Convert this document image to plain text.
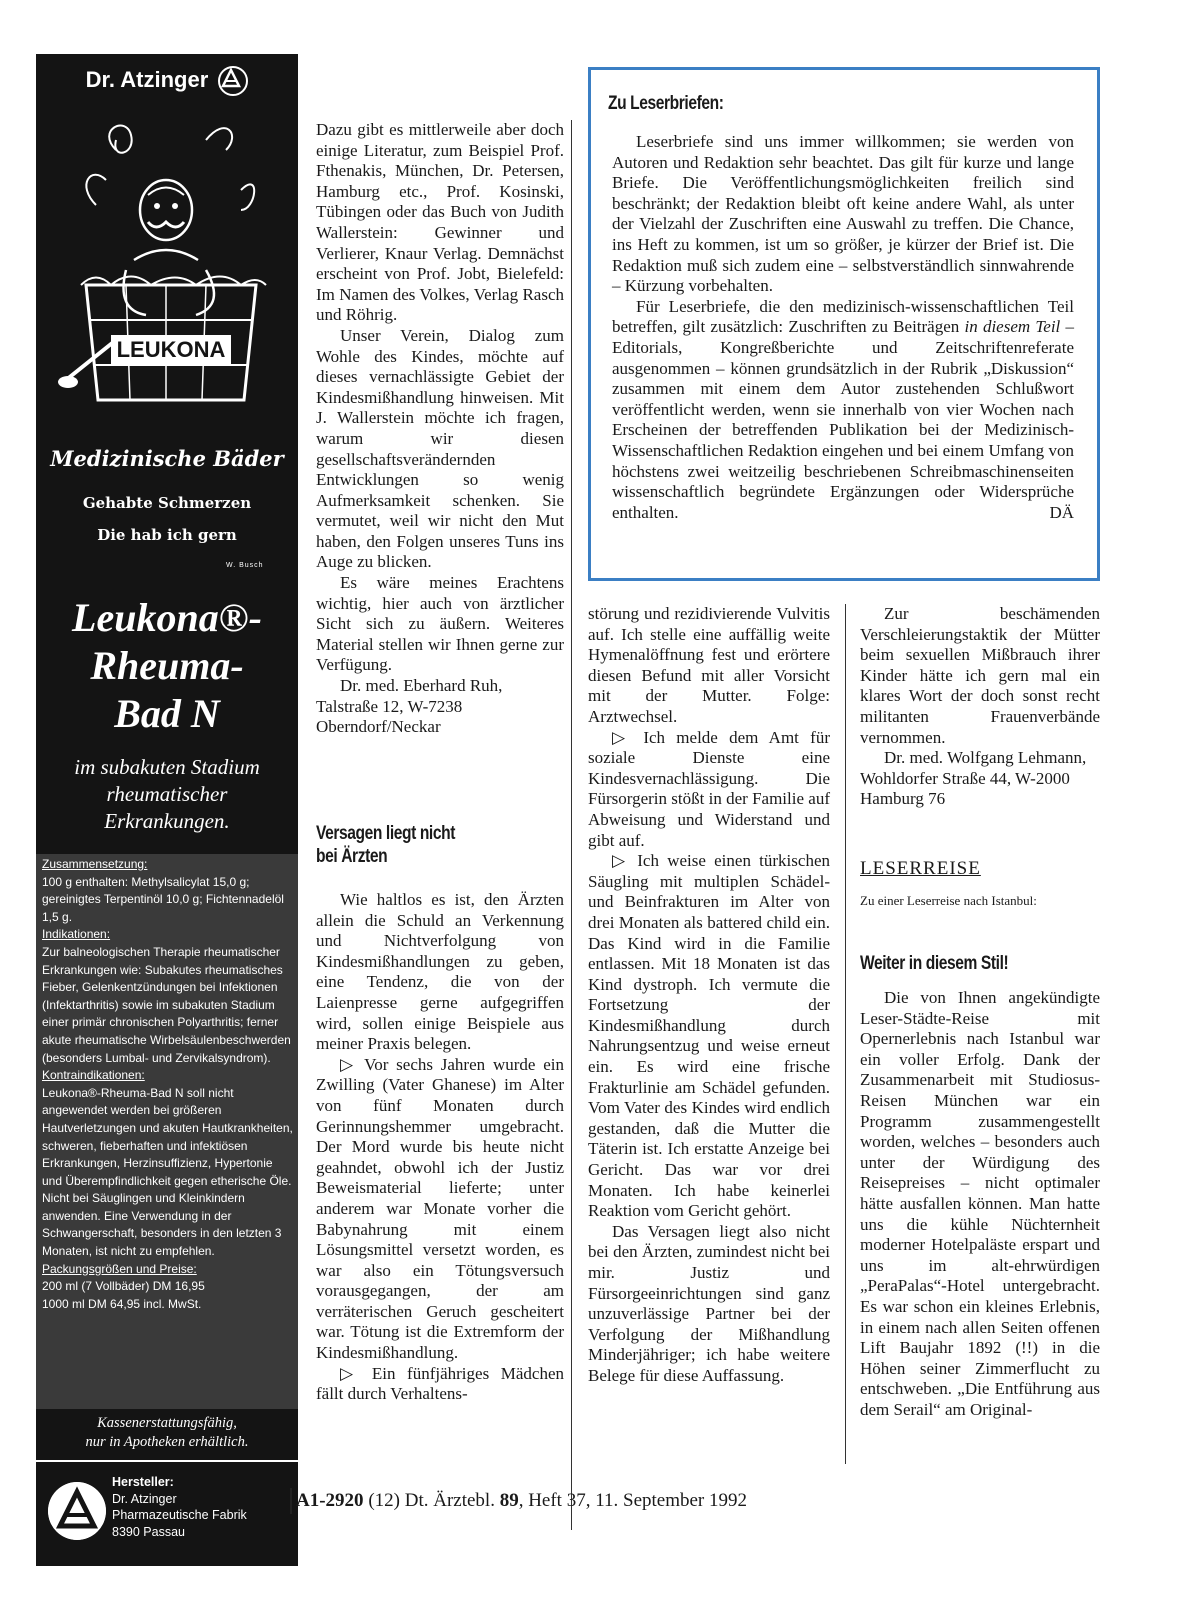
Dr. Atzinger
LEUKONA
Medizinische Bäder
Gehabte Schmerzen
Die hab ich gern
W. Busch
Leukona®-
Rheuma-
Bad N
im subakuten Stadium
rheumatischer
Erkrankungen.
Zusammensetzung:
100 g enthalten: Methylsalicylat 15,0 g; gereinigtes Terpentinöl 10,0 g; Fichtennadelöl 1,5 g.
Indikationen:
Zur balneologischen Therapie rheumatischer Erkrankungen wie: Subakutes rheumatisches Fieber, Gelenkentzündungen bei Infektionen (Infektarthritis) sowie im subakuten Stadium einer primär chronischen Polyarthritis; ferner akute rheumatische Wirbelsäulenbeschwerden (besonders Lumbal- und Zervikalsyndrom).
Kontraindikationen:
Leukona®-Rheuma-Bad N soll nicht angewendet werden bei größeren Hautverletzungen und akuten Hautkrankheiten, schweren, fieberhaften und infektiösen Erkrankungen, Herzinsuffizienz, Hypertonie und Überempfindlichkeit gegen etherische Öle. Nicht bei Säuglingen und Kleinkindern anwenden. Eine Verwendung in der Schwangerschaft, besonders in den letzten 3 Monaten, ist nicht zu empfehlen.
Packungsgrößen und Preise:
200 ml (7 Vollbäder) DM 16,95
1000 ml DM 64,95 incl. MwSt.
Kassenerstattungsfähig,
nur in Apotheken erhältlich.
Hersteller:
Dr. Atzinger
Pharmazeutische Fabrik
8390 Passau

Dazu gibt es mittlerweile aber doch einige Literatur, zum Beispiel Prof. Fthenakis, München, Dr. Petersen, Hamburg etc., Prof. Kosinski, Tübingen oder das Buch von Judith Wallerstein: Gewinner und Verlierer, Knaur Verlag. Demnächst erscheint von Prof. Jobt, Bielefeld: Im Namen des Volkes, Verlag Rasch und Röhrig.

Unser Verein, Dialog zum Wohle des Kindes, möchte auf dieses vernachlässigte Gebiet der Kindesmißhandlung hinweisen. Mit J. Wallerstein möchte ich fragen, warum wir diesen gesellschaftsverändernden Entwicklungen so wenig Aufmerksamkeit schenken. Sie vermutet, weil wir nicht den Mut haben, den Folgen unseres Tuns ins Auge zu blicken.

Es wäre meines Erachtens wichtig, hier auch von ärztlicher Sicht sich zu äußern. Weiteres Material stellen wir Ihnen gerne zur Verfügung.

Dr. med. Eberhard Ruh, Talstraße 12, W-7238 Oberndorf/Neckar

Versagen liegt nicht
bei Ärzten

Wie haltlos es ist, den Ärzten allein die Schuld an Verkennung und Nichtverfolgung von Kindesmißhandlungen zu geben, eine Tendenz, die von der Laienpresse gerne aufgegriffen wird, sollen einige Beispiele aus meiner Praxis belegen.

▷ Vor sechs Jahren wurde ein Zwilling (Vater Ghanese) im Alter von fünf Monaten durch Gerinnungshemmer umgebracht. Der Mord wurde bis heute nicht geahndet, obwohl ich der Justiz Beweismaterial lieferte; unter anderem war Monate vorher die Babynahrung mit einem Lösungsmittel versetzt worden, es war also ein Tötungsversuch vorausgegangen, der am verräterischen Geruch gescheitert war. Tötung ist die Extremform der Kindesmißhandlung.

▷ Ein fünfjähriges Mädchen fällt durch Verhaltens-

Zu Leserbriefen:

Leserbriefe sind uns immer willkommen; sie werden von Autoren und Redaktion sehr beachtet. Das gilt für kurze und lange Briefe. Die Veröffentlichungsmöglichkeiten freilich sind beschränkt; der Redaktion bleibt oft keine andere Wahl, als unter der Vielzahl der Zuschriften eine Auswahl zu treffen. Die Chance, ins Heft zu kommen, ist um so größer, je kürzer der Brief ist. Die Redaktion muß sich zudem eine – selbstverständlich sinnwahrende – Kürzung vorbehalten.

Für Leserbriefe, die den medizinisch-wissenschaftlichen Teil betreffen, gilt zusätzlich: Zuschriften zu Beiträgen in diesem Teil – Editorials, Kongreßberichte und Zeitschriftenreferate ausgenommen – können grundsätzlich in der Rubrik „Diskussion“ zusammen mit einem dem Autor zustehenden Schlußwort veröffentlicht werden, wenn sie innerhalb von vier Wochen nach Erscheinen der betreffenden Publikation bei der Medizinisch-Wissenschaftlichen Redaktion eingehen und bei einem Umfang von höchstens zwei weitzeilig beschriebenen Schreibmaschinenseiten wissenschaftlich begründete Ergänzungen oder Widersprüche enthalten.	DÄ

störung und rezidivierende Vulvitis auf. Ich stelle eine auffällig weite Hymenalöffnung fest und erörtere diesen Befund mit aller Vorsicht mit der Mutter. Folge: Arztwechsel.

▷ Ich melde dem Amt für soziale Dienste eine Kindesvernachlässigung. Die Fürsorgerin stößt in der Familie auf Abweisung und Widerstand und gibt auf.

▷ Ich weise einen türkischen Säugling mit multiplen Schädel- und Beinfrakturen im Alter von drei Monaten als battered child ein. Das Kind wird in die Familie entlassen. Mit 18 Monaten ist das Kind dystroph. Ich vermute die Fortsetzung der Kindesmißhandlung durch Nahrungsentzug und weise erneut ein. Es wird eine frische Frakturlinie am Schädel gefunden. Vom Vater des Kindes wird endlich gestanden, daß die Mutter die Täterin ist. Ich erstatte Anzeige bei Gericht. Das war vor drei Monaten. Ich habe keinerlei Reaktion vom Gericht gehört.

Das Versagen liegt also nicht bei den Ärzten, zumindest nicht bei mir. Justiz und Fürsorgeeinrichtungen sind ganz unzuverlässige Partner bei der Verfolgung der Mißhandlung Minderjähriger; ich habe weitere Belege für diese Auffassung.

Zur beschämenden Verschleierungstaktik der Mütter beim sexuellen Mißbrauch ihrer Kinder hätte ich gern mal ein klares Wort der doch sonst recht militanten Frauenverbände vernommen.

Dr. med. Wolfgang Lehmann, Wohldorfer Straße 44, W-2000 Hamburg 76

LESERREISE
Zu einer Leserreise nach Istanbul:
Weiter in diesem Stil!

Die von Ihnen angekündigte Leser-Städte-Reise mit Opernerlebnis nach Istanbul war ein voller Erfolg. Dank der Zusammenarbeit mit Studiosus-Reisen München war ein Programm zusammengestellt worden, welches – besonders auch unter der Würdigung des Reisepreises – nicht optimaler hätte ausfallen können. Man hatte uns die kühle Nüchternheit moderner Hotelpaläste erspart und uns im alt-ehrwürdigen „PeraPalas“-Hotel untergebracht. Es war schon ein kleines Erlebnis, in einem nach allen Seiten offenen Lift Baujahr 1892 (!!) in die Höhen seiner Zimmerflucht zu entschweben. „Die Entführung aus dem Serail“ am Original-

A1-2920 (12) Dt. Ärztebl. 89, Heft 37, 11. September 1992
